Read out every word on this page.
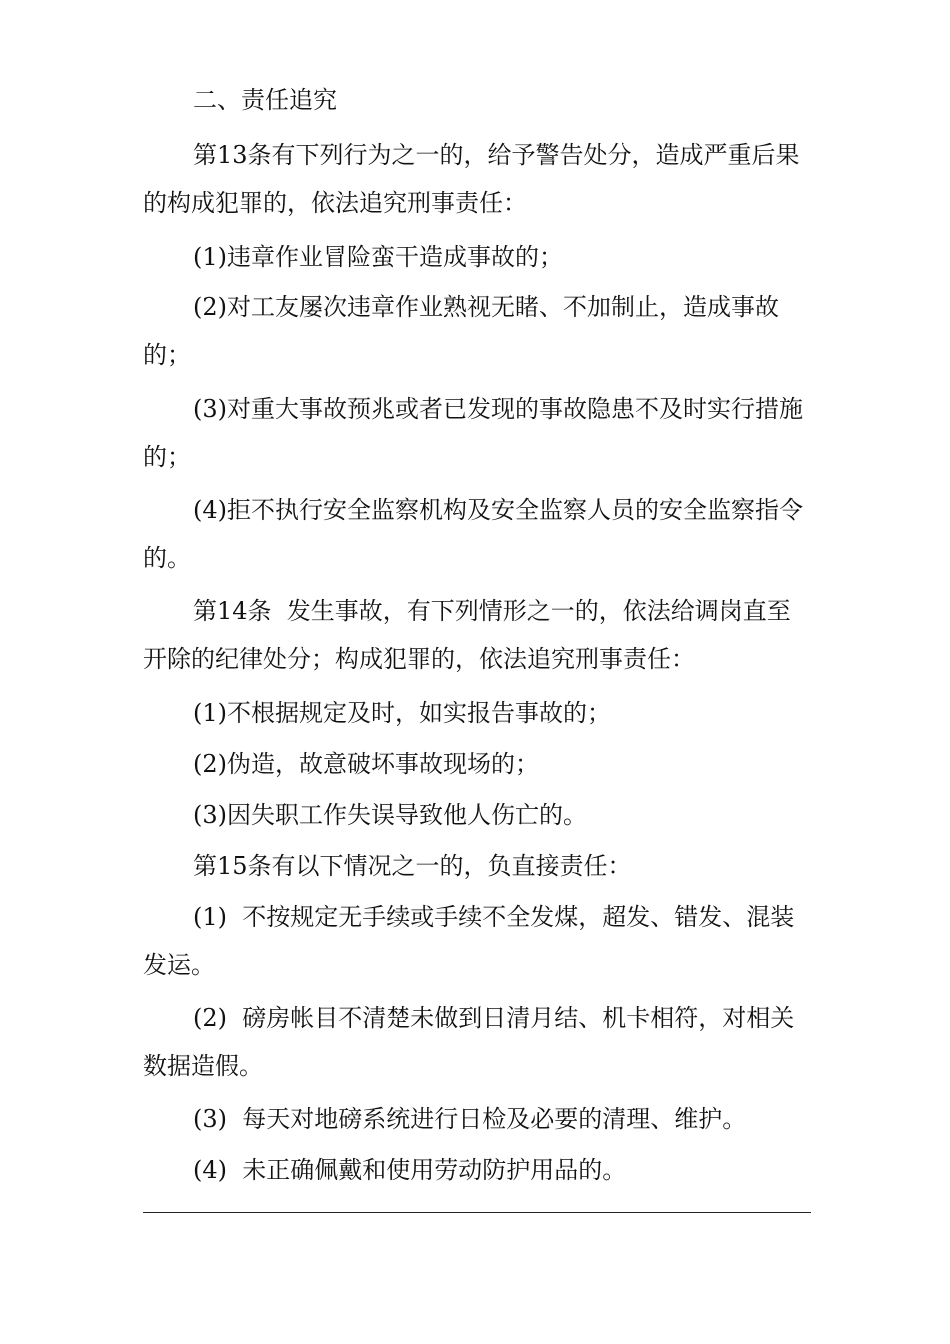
二、责任追究

第13条有下列行为之一的，给予警告处分，造成严重后果的构成犯罪的，依法追究刑事责任：

(1)违章作业冒险蛮干造成事故的；

(2)对工友屡次违章作业熟视无睹、不加制止，造成事故的；

(3)对重大事故预兆或者已发现的事故隐患不及时实行措施的；

(4)拒不执行安全监察机构及安全监察人员的安全监察指令的。

第14条  发生事故，有下列情形之一的，依法给调岗直至开除的纪律处分；构成犯罪的，依法追究刑事责任：

(1)不根据规定及时，如实报告事故的；

(2)伪造，故意破坏事故现场的；

(3)因失职工作失误导致他人伤亡的。

第15条有以下情况之一的，负直接责任：

(1)  不按规定无手续或手续不全发煤，超发、错发、混装发运。

(2)  磅房帐目不清楚未做到日清月结、机卡相符，对相关数据造假。

(3)  每天对地磅系统进行日检及必要的清理、维护。

(4)  未正确佩戴和使用劳动防护用品的。
